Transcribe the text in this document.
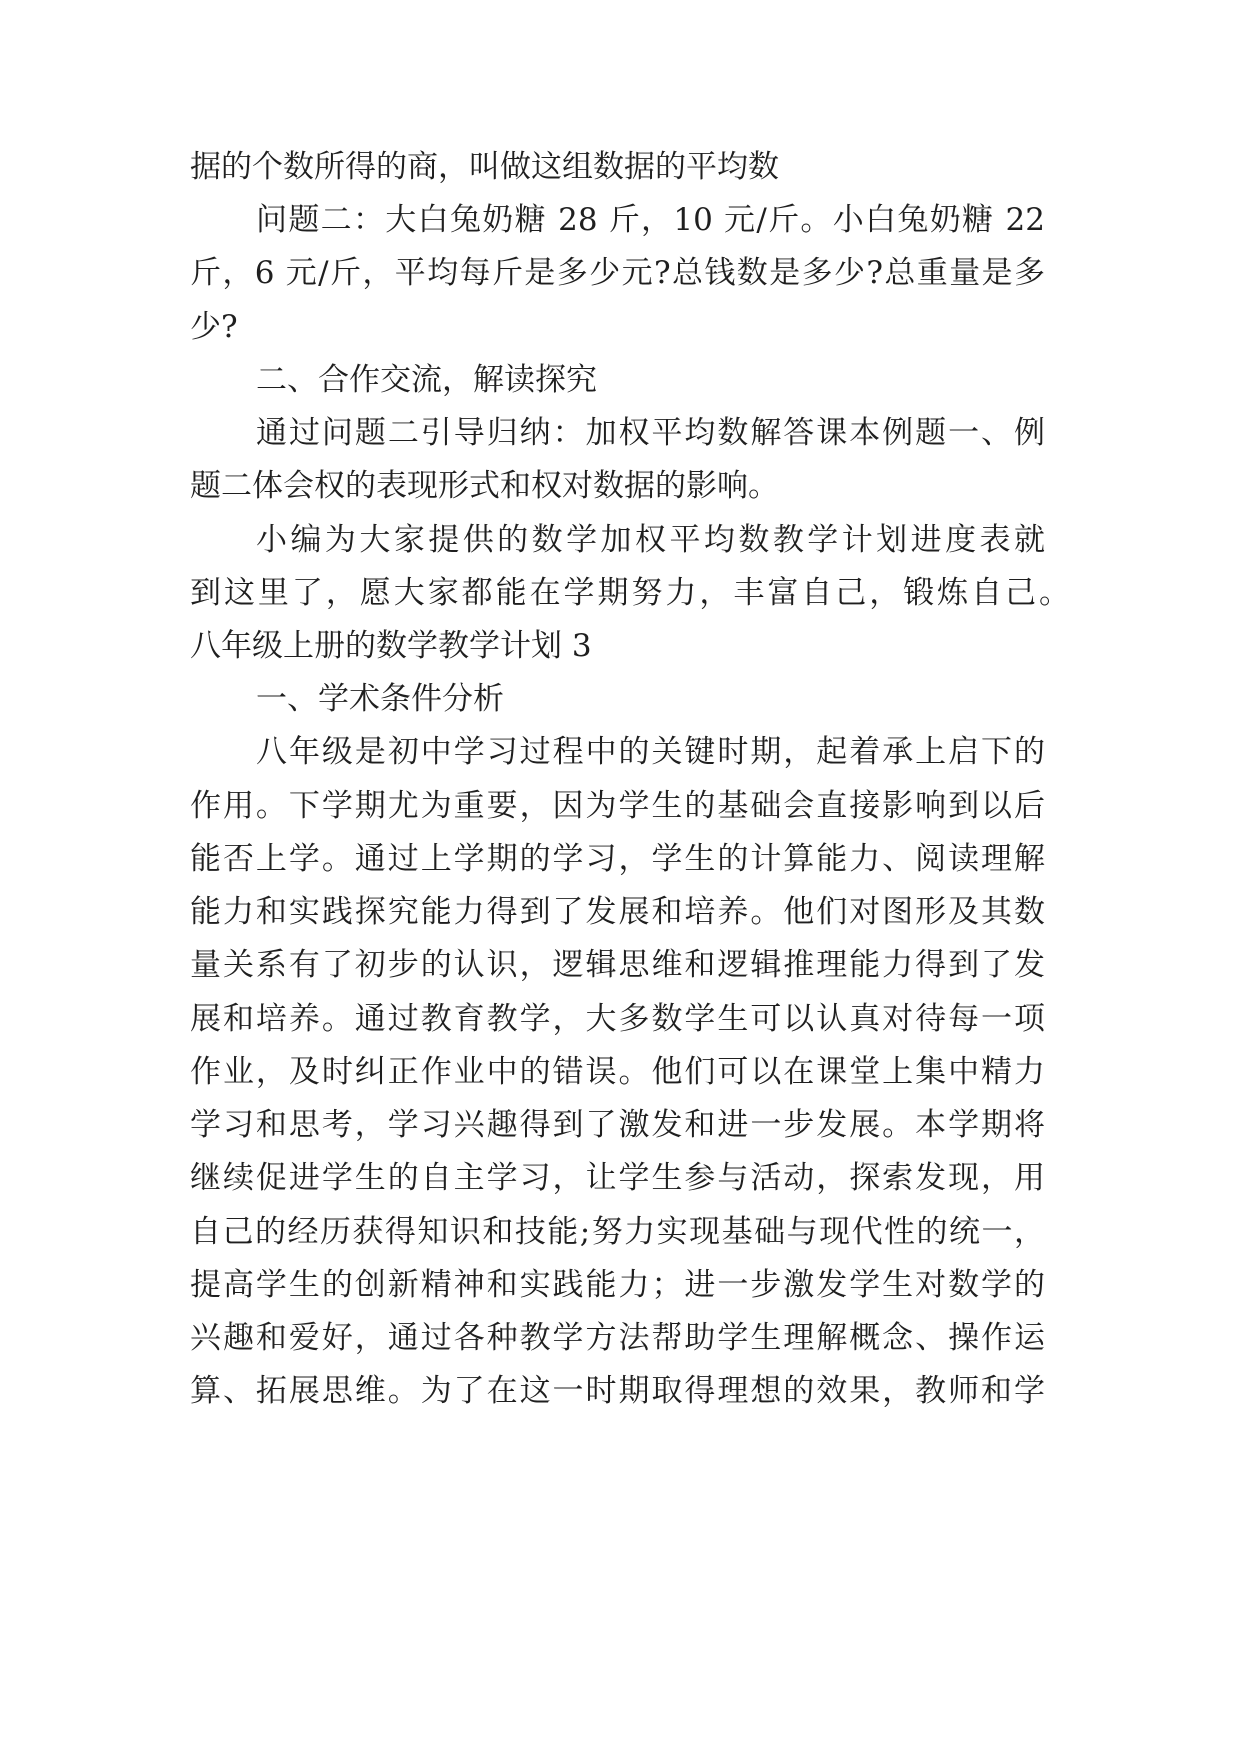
据的个数所得的商，叫做这组数据的平均数
问题二：大白兔奶糖 28 斤，10 元/斤。小白兔奶糖 22
斤，6 元/斤，平均每斤是多少元?总钱数是多少?总重量是多
少?
二、合作交流，解读探究
通过问题二引导归纳：加权平均数解答课本例题一、例
题二体会权的表现形式和权对数据的影响。
小编为大家提供的数学加权平均数教学计划进度表就
到这里了，愿大家都能在学期努力，丰富自己，锻炼自己。
八年级上册的数学教学计划 3
一、学术条件分析
八年级是初中学习过程中的关键时期，起着承上启下的
作用。下学期尤为重要，因为学生的基础会直接影响到以后
能否上学。通过上学期的学习，学生的计算能力、阅读理解
能力和实践探究能力得到了发展和培养。他们对图形及其数
量关系有了初步的认识，逻辑思维和逻辑推理能力得到了发
展和培养。通过教育教学，大多数学生可以认真对待每一项
作业，及时纠正作业中的错误。他们可以在课堂上集中精力
学习和思考，学习兴趣得到了激发和进一步发展。本学期将
继续促进学生的自主学习，让学生参与活动，探索发现，用
自己的经历获得知识和技能;努力实现基础与现代性的统一，
提高学生的创新精神和实践能力；进一步激发学生对数学的
兴趣和爱好，通过各种教学方法帮助学生理解概念、操作运
算、拓展思维。为了在这一时期取得理想的效果，教师和学
